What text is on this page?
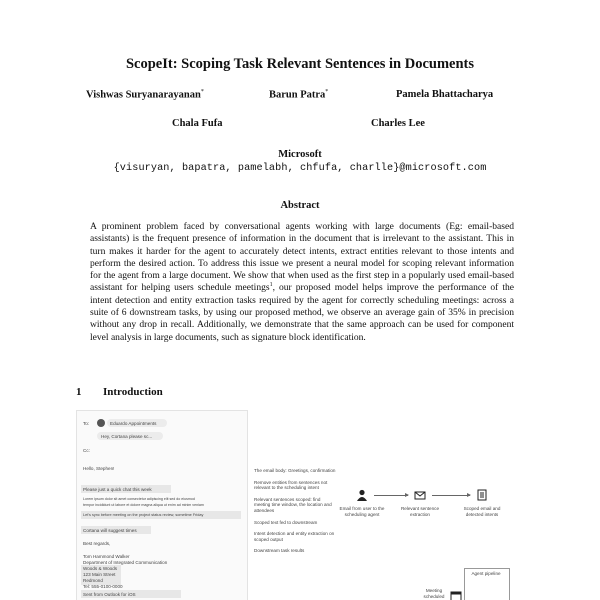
ScopeIt: Scoping Task Relevant Sentences in Documents
Vishwas Suryanarayanan*	Barun Patra*	Pamela Bhattacharya
Chala Fufa	Charles Lee
Microsoft
{visuryan, bapatra, pamelabh, chfufa, charlle}@microsoft.com
Abstract

A prominent problem faced by conversational agents working with large documents (Eg: email-based assistants) is the frequent presence of information in the document that is irrelevant to the assistant. This in turn makes it harder for the agent to accurately detect intents, extract entities relevant to those intents and perform the desired action. To address this issue we present a neural model for scoping relevant information for the agent from a large document. We show that when used as the first step in a popularly used email-based assistant for helping users schedule meetings$^1$, our proposed model helps improve the performance of the intent detection and entity extraction tasks required by the agent for correctly scheduling meetings: across a suite of 6 downstream tasks, by using our proposed method, we observe an average gain of 35% in precision without any drop in recall. Additionally, we demonstrate that the same approach can be used for component level analysis in large documents, such as signature block identification.

1 Introduction
To:	Eduardo Appointments
Hey, Cortana please sc...
Cc:
Hello, Stephen!
Please just a quick chat this week
Lorem ipsum dolor sit amet consectetur adipiscing elit sed do eiusmod
tempor incididunt ut labore et dolore magna aliqua ut enim ad minim veniam
Let's sync before meeting on the project status review, sometime Friday
Cortana will suggest times
Best regards,
Tom Hammond Walker
Department of Integrated Communication
Woods & Woods
123 Main Street
Redmond
Tel: 555-0100-0000
Sent from Outlook for iOS
The email body: Greetings, confirmation
Remove entities from sentences not relevant to the scheduling intent
Relevant sentences scoped: find meeting time window, the location and attendees
Scoped text fed to downstream
Intent detection and entity extraction on scoped output
Downstream task results
Email from user to the scheduling agent
Relevant sentence extraction
Scoped email and detected intents
Agent pipeline
Meeting scheduled
